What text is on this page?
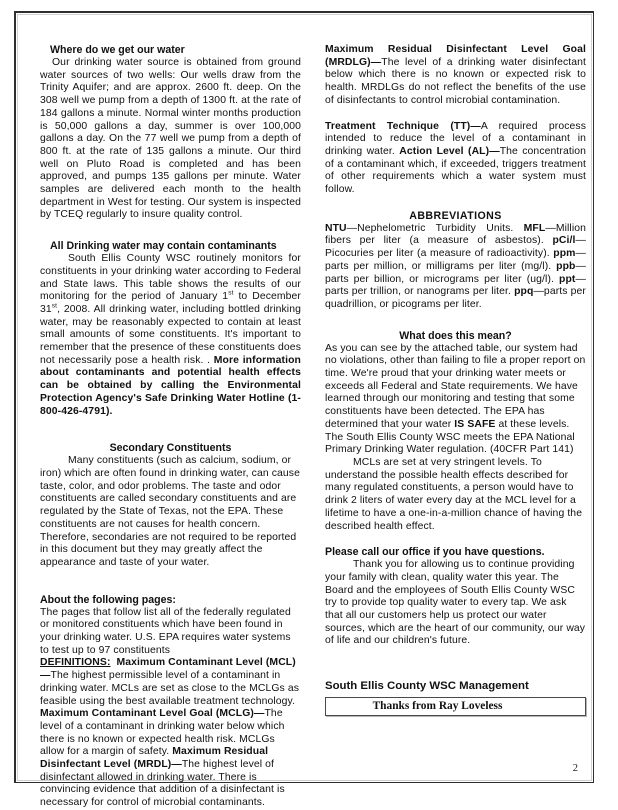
Where do we get our water

Our drinking water source is obtained from ground water sources of two wells: Our wells draw from the Trinity Aquifer; and are approx. 2600 ft. deep. On the 308 well we pump from a depth of 1300 ft. at the rate of 184 gallons a minute. Normal winter months production is 50,000 gallons a day, summer is over 100,000 gallons a day. On the 77 well we pump from a depth of 800 ft. at the rate of 135 gallons a minute. Our third well on Pluto Road is completed and has been approved, and pumps 135 gallons per minute. Water samples are delivered each month to the health department in West for testing. Our system is inspected by TCEQ regularly to insure quality control.

All Drinking water may contain contaminants

South Ellis County WSC routinely monitors for constituents in your drinking water according to Federal and State laws. This table shows the results of our monitoring for the period of January 1st to December 31st, 2008. All drinking water, including bottled drinking water, may be reasonably expected to contain at least small amounts of some constituents. It's important to remember that the presence of these constituents does not necessarily pose a health risk. . More information about contaminants and potential health effects can be obtained by calling the Environmental Protection Agency's Safe Drinking Water Hotline (1-800-426-4791).

Secondary Constituents

Many constituents (such as calcium, sodium, or iron) which are often found in drinking water, can cause taste, color, and odor problems. The taste and odor constituents are called secondary constituents and are regulated by the State of Texas, not the EPA. These constituents are not causes for health concern. Therefore, secondaries are not required to be reported in this document but they may greatly affect the appearance and taste of your water.

About the following pages:

The pages that follow list all of the federally regulated or monitored constituents which have been found in your drinking water. U.S. EPA requires water systems to test up to 97 constituents

DEFINITIONS: Maximum Contaminant Level (MCL)—The highest permissible level of a contaminant in drinking water. MCLs are set as close to the MCLGs as feasible using the best available treatment technology. Maximum Contaminant Level Goal (MCLG)—The level of a contaminant in drinking water below which there is no known or expected health risk. MCLGs allow for a margin of safety. Maximum Residual Disinfectant Level (MRDL)—The highest level of disinfectant allowed in drinking water. There is convincing evidence that addition of a disinfectant is necessary for control of microbial contaminants.

Maximum Residual Disinfectant Level Goal (MRDLG)—The level of a drinking water disinfectant below which there is no known or expected risk to health. MRDLGs do not reflect the benefits of the use of disinfectants to control microbial contamination.

Treatment Technique (TT)—A required process intended to reduce the level of a contaminant in drinking water. Action Level (AL)—The concentration of a contaminant which, if exceeded, triggers treatment of other requirements which a water system must follow.

ABBREVIATIONS

NTU—Nephelometric Turbidity Units. MFL—Million fibers per liter (a measure of asbestos). pCi/l—Picocuries per liter (a measure of radioactivity). ppm—parts per million, or milligrams per liter (mg/l). ppb—parts per billion, or micrograms per liter (ug/l). ppt—parts per trillion, or nanograms per liter. ppq—parts per quadrillion, or picograms per liter.

What does this mean?

As you can see by the attached table, our system had no violations, other than failing to file a proper report on time. We're proud that your drinking water meets or exceeds all Federal and State requirements. We have learned through our monitoring and testing that some constituents have been detected. The EPA has determined that your water IS SAFE at these levels. The South Ellis County WSC meets the EPA National Primary Drinking Water regulation. (40CFR Part 141)

MCLs are set at very stringent levels. To understand the possible health effects described for many regulated constituents, a person would have to drink 2 liters of water every day at the MCL level for a lifetime to have a one-in-a-million chance of having the described health effect.

Please call our office if you have questions.

Thank you for allowing us to continue providing your family with clean, quality water this year. The Board and the employees of South Ellis County WSC try to provide top quality water to every tap. We ask that all our customers help us protect our water sources, which are the heart of our community, our way of life and our children's future.

South Ellis County WSC Management

Thanks from Ray Loveless
2
